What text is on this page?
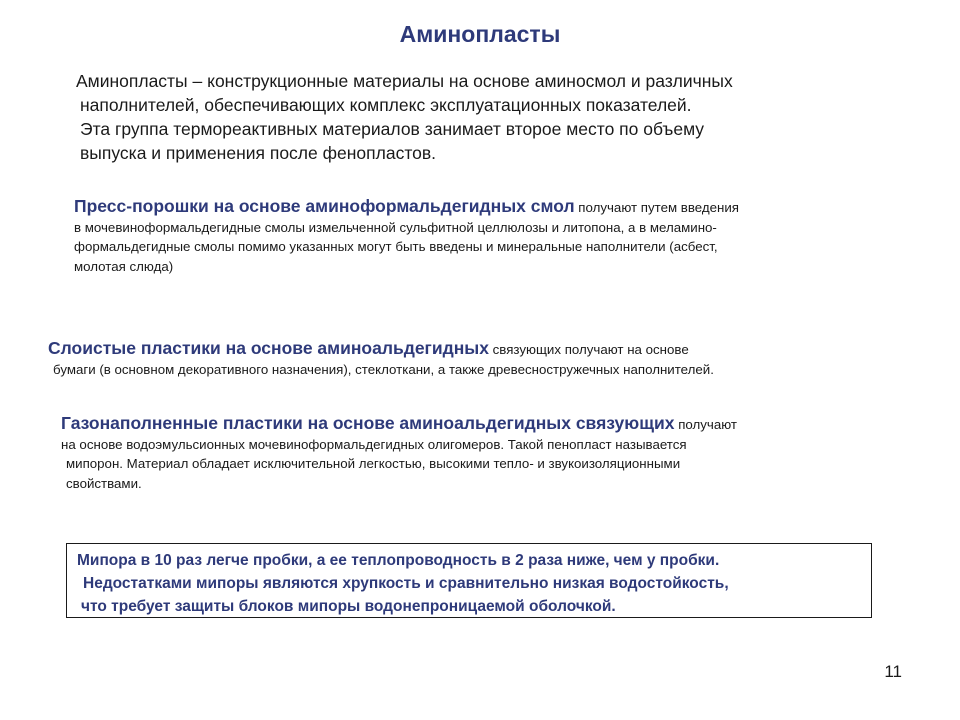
Аминопласты

Аминопласты – конструкционные материалы на основе аминосмол и различных

наполнителей, обеспечивающих комплекс эксплуатационных показателей.

Эта группа термореактивных материалов занимает второе место по объему

выпуска и применения после фенопластов.

Пресс-порошки на основе аминоформальдегидных смол получают путем введения
в мочевиноформальдегидные смолы измельченной сульфитной целлюлозы и литопона, а в меламино-
формальдегидные смолы помимо указанных могут быть введены и минеральные наполнители (асбест,
молотая слюда)
Слоистые пластики на основе аминоальдегидных связующих получают на основе
бумаги (в основном декоративного назначения), стеклоткани, а также древесностружечных наполнителей.
Газонаполненные пластики на основе аминоальдегидных связующих получают
на основе водоэмульсионных мочевиноформальдегидных олигомеров. Такой пенопласт называется
мипорон. Материал обладает исключительной легкостью, высокими тепло- и звукоизоляционными
свойствами.
Мипора в 10 раз легче пробки, а ее теплопроводность в 2 раза ниже, чем у пробки.
Недостатками мипоры являются хрупкость и сравнительно низкая водостойкость,
что требует защиты блоков мипоры водонепроницаемой оболочкой.
11
